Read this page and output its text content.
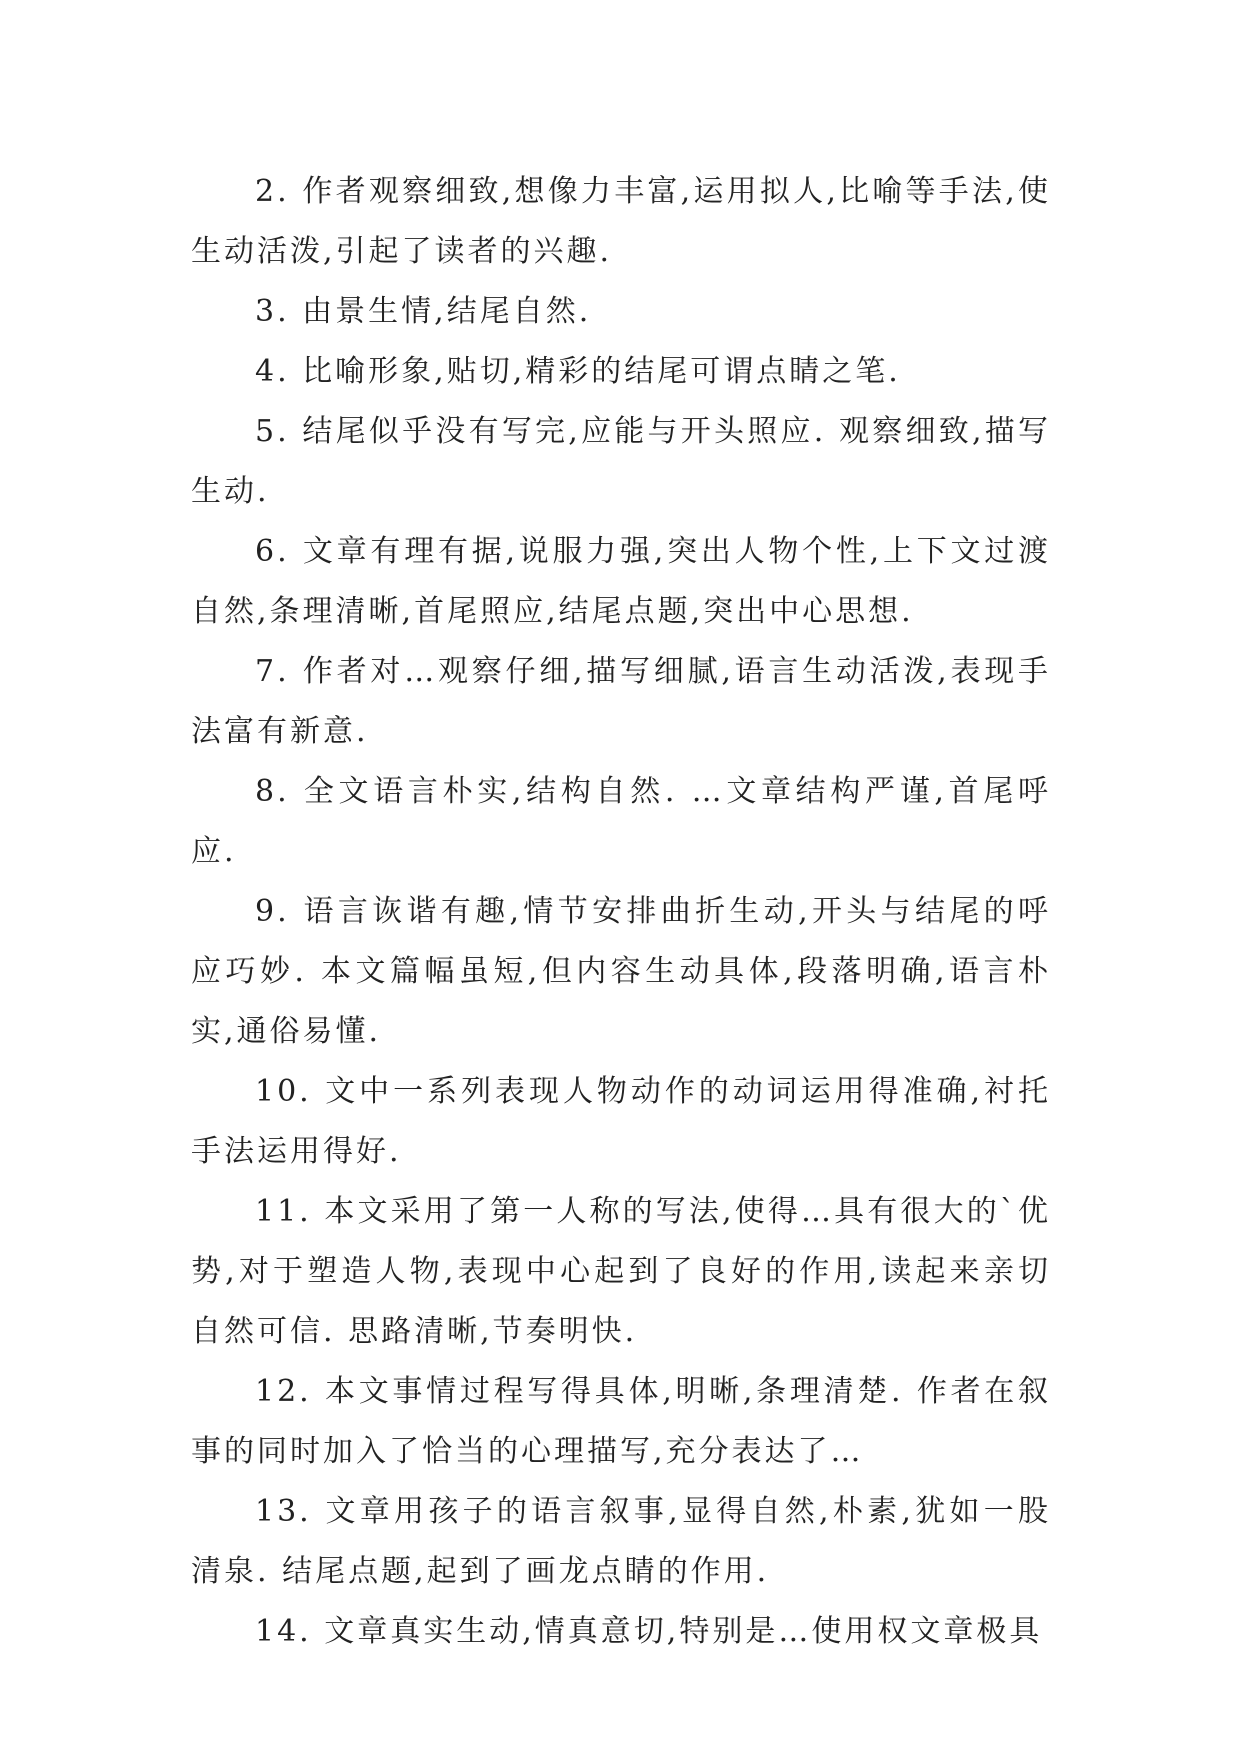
2. 作者观察细致,想像力丰富,运用拟人,比喻等手法,使生动活泼,引起了读者的兴趣.

3. 由景生情,结尾自然.

4. 比喻形象,贴切,精彩的结尾可谓点睛之笔.

5. 结尾似乎没有写完,应能与开头照应. 观察细致,描写生动.

6. 文章有理有据,说服力强,突出人物个性,上下文过渡自然,条理清晰,首尾照应,结尾点题,突出中心思想.

7. 作者对…观察仔细,描写细腻,语言生动活泼,表现手法富有新意.

8. 全文语言朴实,结构自然. …文章结构严谨,首尾呼应.

9. 语言诙谐有趣,情节安排曲折生动,开头与结尾的呼应巧妙. 本文篇幅虽短,但内容生动具体,段落明确,语言朴实,通俗易懂.

10. 文中一系列表现人物动作的动词运用得准确,衬托手法运用得好.

11. 本文采用了第一人称的写法,使得…具有很大的`优势,对于塑造人物,表现中心起到了良好的作用,读起来亲切自然可信. 思路清晰,节奏明快.

12. 本文事情过程写得具体,明晰,条理清楚. 作者在叙事的同时加入了恰当的心理描写,充分表达了…

13. 文章用孩子的语言叙事,显得自然,朴素,犹如一股清泉. 结尾点题,起到了画龙点睛的作用.

14. 文章真实生动,情真意切,特别是…使用权文章极具
